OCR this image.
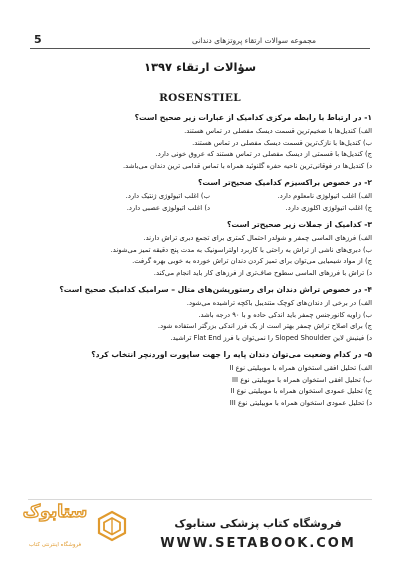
مجموعه سوالات ارتقاء پروتزهای دندانی
5
سؤالات ارتقاء ۱۳۹۷
ROSENSTIEL
۱- در ارتباط با رابطه مرکزی کدامیک از عبارات زیر صحیح است؟
الف) کندیل‌ها با ضخیم‌ترین قسمت دیسک مفصلی در تماس هستند.
ب) کندیل‌ها با نازک‌ترین قسمت دیسک مفصلی در تماس هستند.
ج) کندیل‌ها با قسمتی از دیسک مفصلی در تماس هستند که عروق خونی دارد.
د) کندیل‌ها در فوقانی‌ترین ناحیه حفره گلنوئید همراه با تماس قدامی ترین دندان می‌باشد.
۲- در خصوص براکسیزم کدامیک صحیح‌تر است؟
الف) اغلب اتیولوژی نامعلوم دارد.
ب) اغلب اتیولوژی ژنتیک دارد.
ج) اغلب اتیولوژی اکلوزی دارد.
د) اغلب اتیولوژی عصبی دارد.
۳- کدامیک از جملات زیر صحیح‌تر است؟
الف) فرزهای الماسی چمفر و شولدر احتمال کمتری برای تجمع دبری تراش دارند.
ب) دبری‌های ناشی از تراش به راحتی با کاربرد اولتراسونیک به مدت پنج دقیقه تمیز می‌شوند.
ج) از مواد شیمیایی می‌توان برای تمیز کردن دندان تراش خورده به خوبی بهره گرفت.
د) تراش با فرزهای الماسی سطوح صاف‌تری از فرزهای کار باید انجام می‌کند.
۴- در خصوص تراش دندان برای رستوریشن‌های متال – سرامیک کدامیک صحیح است؟
الف) در برخی از دندان‌های کوچک متندیبل باکچه تراشیده می‌شود.
ب) زاویه کانورجنس چمفر باید اندکی حاده و با ۹۰ درجه باشد.
ج) برای اصلاح تراش چمفر بهتر است از یک فرز اندکی بزرگتر استفاده شود.
د) فینیش لاین Sloped Shoulder را نمی‌توان با فرز Flat End تراشید.
۵- در کدام وضعیت می‌توان دندان پایه را جهت ساپورت اوردنچر انتخاب کرد؟
الف) تحلیل افقی استخوان همراه با موبیلیتی نوع II
ب) تحلیل افقی استخوان همراه با موبیلیتی نوع III
ج) تحلیل عمودی استخوان همراه با موبیلیتی نوع II
د) تحلیل عمودی استخوان همراه با موبیلیتی نوع III
ستابوک
فروشگاه اینترنتی کتاب
فروشگاه کتاب پزشکی ستابوک
WWW.SETABOOK.COM
